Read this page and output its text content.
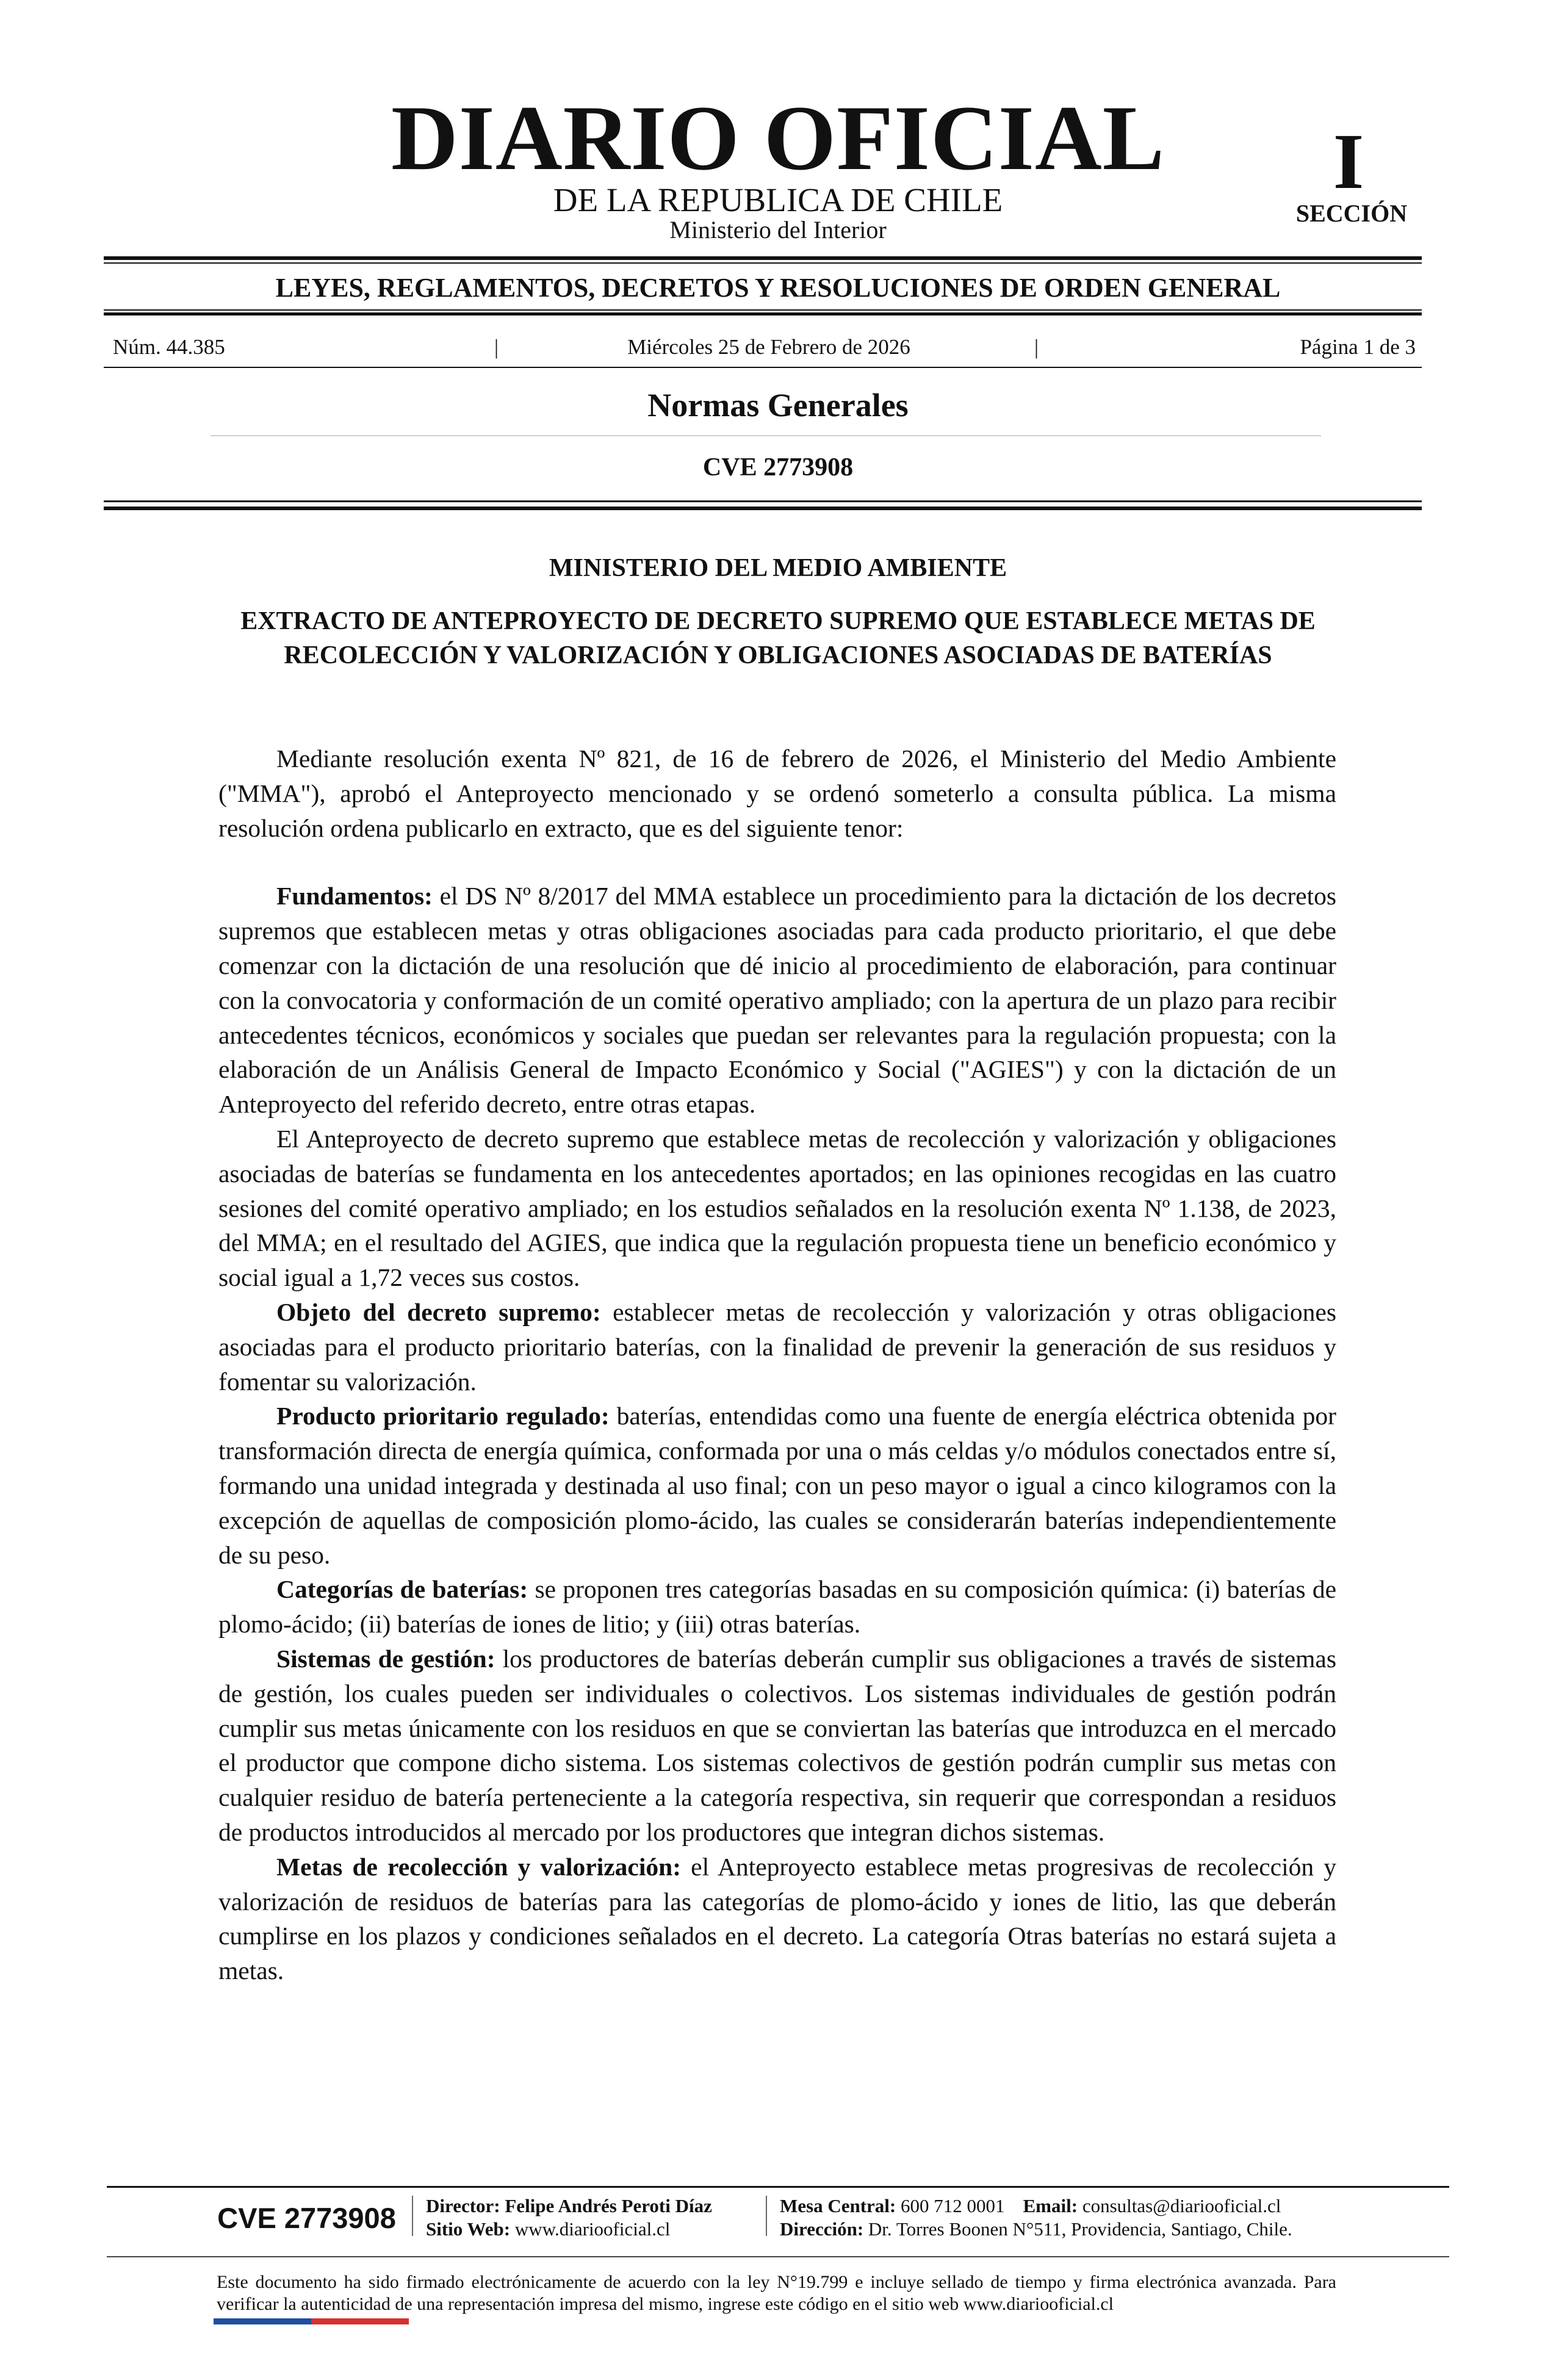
DIARIO OFICIAL
DE LA REPUBLICA DE CHILE
Ministerio del Interior
I
SECCIÓN
LEYES, REGLAMENTOS, DECRETOS Y RESOLUCIONES DE ORDEN GENERAL
Núm. 44.385	|	Miércoles 25 de Febrero de 2026	|	Página 1 de 3
Normas Generales
CVE 2773908
MINISTERIO DEL MEDIO AMBIENTE
EXTRACTO DE ANTEPROYECTO DE DECRETO SUPREMO QUE ESTABLECE METAS DE RECOLECCIÓN Y VALORIZACIÓN Y OBLIGACIONES ASOCIADAS DE BATERÍAS

Mediante resolución exenta Nº 821, de 16 de febrero de 2026, el Ministerio del Medio Ambiente ("MMA"), aprobó el Anteproyecto mencionado y se ordenó someterlo a consulta pública. La misma resolución ordena publicarlo en extracto, que es del siguiente tenor:

Fundamentos: el DS Nº 8/2017 del MMA establece un procedimiento para la dictación de los decretos supremos que establecen metas y otras obligaciones asociadas para cada producto prioritario, el que debe comenzar con la dictación de una resolución que dé inicio al procedimiento de elaboración, para continuar con la convocatoria y conformación de un comité operativo ampliado; con la apertura de un plazo para recibir antecedentes técnicos, económicos y sociales que puedan ser relevantes para la regulación propuesta; con la elaboración de un Análisis General de Impacto Económico y Social ("AGIES") y con la dictación de un Anteproyecto del referido decreto, entre otras etapas.

El Anteproyecto de decreto supremo que establece metas de recolección y valorización y obligaciones asociadas de baterías se fundamenta en los antecedentes aportados; en las opiniones recogidas en las cuatro sesiones del comité operativo ampliado; en los estudios señalados en la resolución exenta Nº 1.138, de 2023, del MMA; en el resultado del AGIES, que indica que la regulación propuesta tiene un beneficio económico y social igual a 1,72 veces sus costos.

Objeto del decreto supremo: establecer metas de recolección y valorización y otras obligaciones asociadas para el producto prioritario baterías, con la finalidad de prevenir la generación de sus residuos y fomentar su valorización.

Producto prioritario regulado: baterías, entendidas como una fuente de energía eléctrica obtenida por transformación directa de energía química, conformada por una o más celdas y/o módulos conectados entre sí, formando una unidad integrada y destinada al uso final; con un peso mayor o igual a cinco kilogramos con la excepción de aquellas de composición plomo-ácido, las cuales se considerarán baterías independientemente de su peso.

Categorías de baterías: se proponen tres categorías basadas en su composición química: (i) baterías de plomo-ácido; (ii) baterías de iones de litio; y (iii) otras baterías.

Sistemas de gestión: los productores de baterías deberán cumplir sus obligaciones a través de sistemas de gestión, los cuales pueden ser individuales o colectivos. Los sistemas individuales de gestión podrán cumplir sus metas únicamente con los residuos en que se conviertan las baterías que introduzca en el mercado el productor que compone dicho sistema. Los sistemas colectivos de gestión podrán cumplir sus metas con cualquier residuo de batería perteneciente a la categoría respectiva, sin requerir que correspondan a residuos de productos introducidos al mercado por los productores que integran dichos sistemas.

Metas de recolección y valorización: el Anteproyecto establece metas progresivas de recolección y valorización de residuos de baterías para las categorías de plomo-ácido y iones de litio, las que deberán cumplirse en los plazos y condiciones señalados en el decreto. La categoría Otras baterías no estará sujeta a metas.

CVE 2773908	Director: Felipe Andrés Peroti Díaz
Sitio Web: www.diariooficial.cl
Mesa Central: 600 712 0001 Email: consultas@diariooficial.cl
Dirección: Dr. Torres Boonen N°511, Providencia, Santiago, Chile.
Este documento ha sido firmado electrónicamente de acuerdo con la ley N°19.799 e incluye sellado de tiempo y firma electrónica avanzada. Para verificar la autenticidad de una representación impresa del mismo, ingrese este código en el sitio web www.diariooficial.cl
